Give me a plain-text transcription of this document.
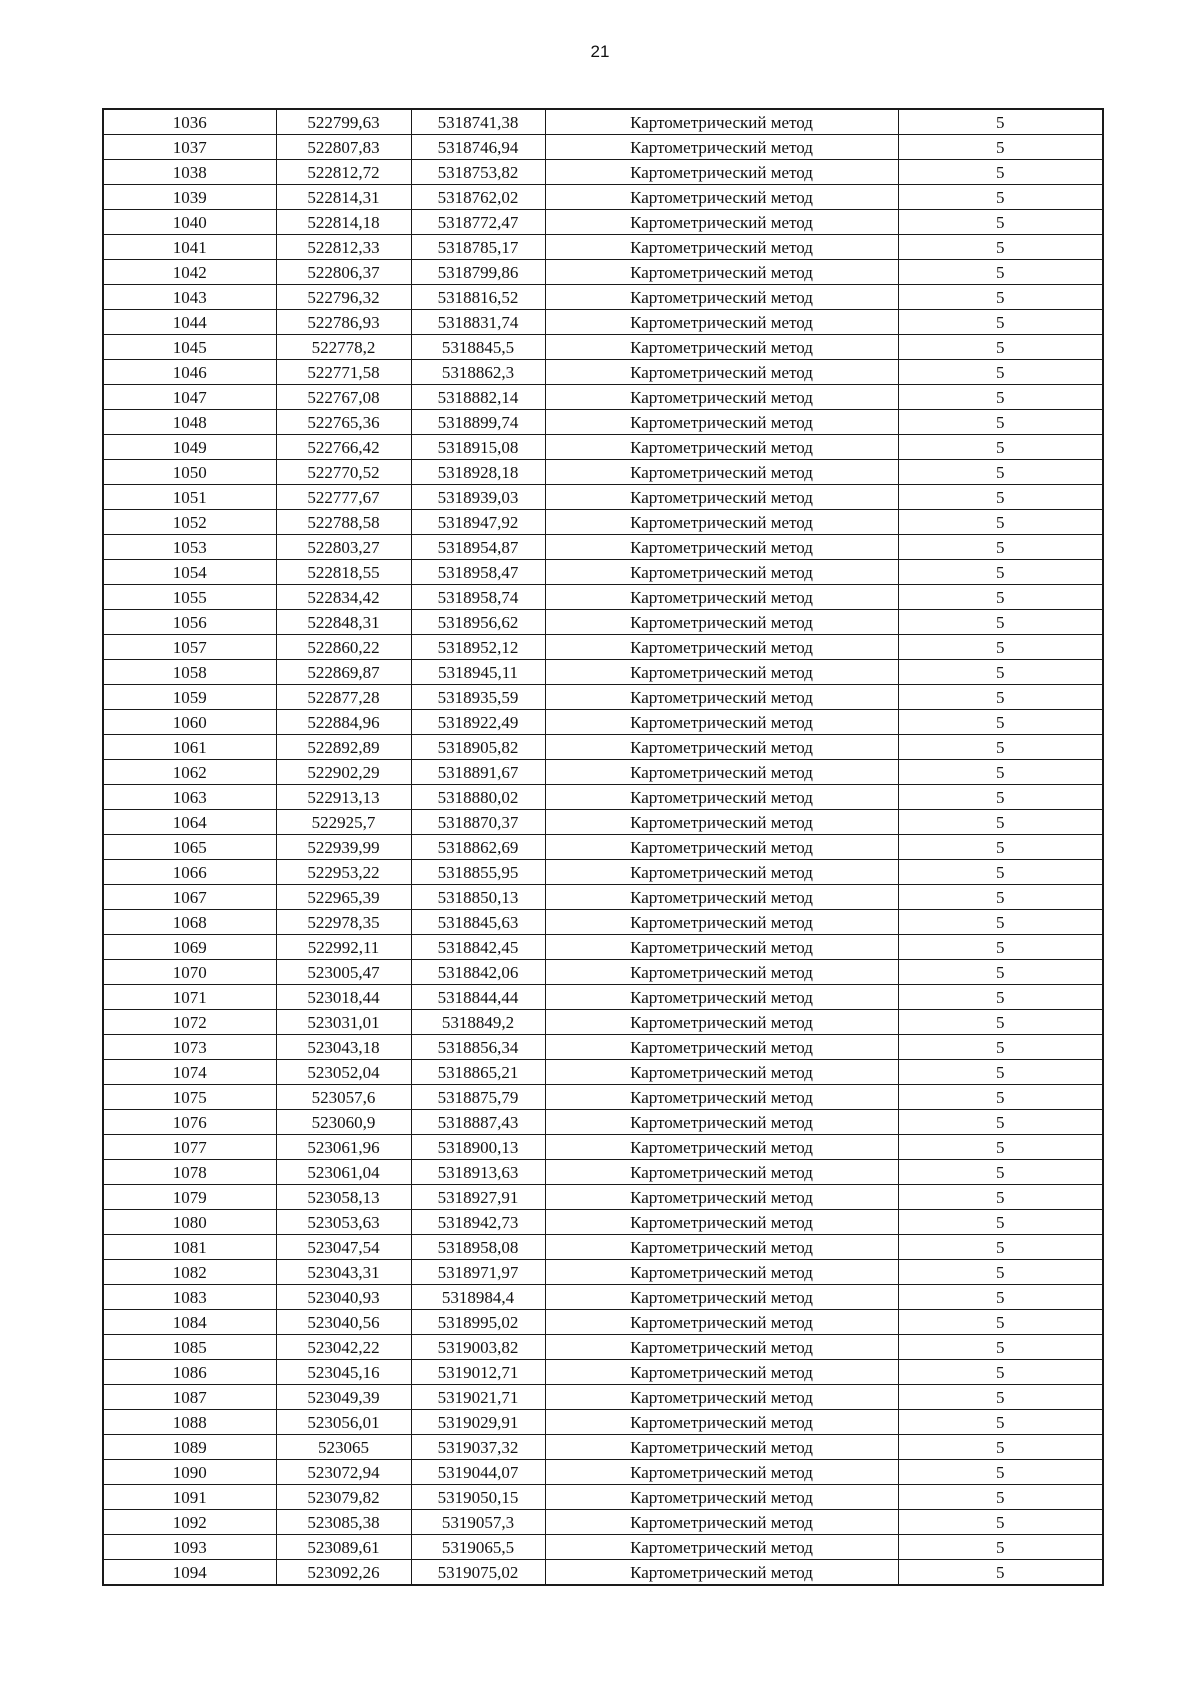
21
1036	522799,63	5318741,38	Картометрический метод	5
1037	522807,83	5318746,94	Картометрический метод	5
1038	522812,72	5318753,82	Картометрический метод	5
1039	522814,31	5318762,02	Картометрический метод	5
1040	522814,18	5318772,47	Картометрический метод	5
1041	522812,33	5318785,17	Картометрический метод	5
1042	522806,37	5318799,86	Картометрический метод	5
1043	522796,32	5318816,52	Картометрический метод	5
1044	522786,93	5318831,74	Картометрический метод	5
1045	522778,2	5318845,5	Картометрический метод	5
1046	522771,58	5318862,3	Картометрический метод	5
1047	522767,08	5318882,14	Картометрический метод	5
1048	522765,36	5318899,74	Картометрический метод	5
1049	522766,42	5318915,08	Картометрический метод	5
1050	522770,52	5318928,18	Картометрический метод	5
1051	522777,67	5318939,03	Картометрический метод	5
1052	522788,58	5318947,92	Картометрический метод	5
1053	522803,27	5318954,87	Картометрический метод	5
1054	522818,55	5318958,47	Картометрический метод	5
1055	522834,42	5318958,74	Картометрический метод	5
1056	522848,31	5318956,62	Картометрический метод	5
1057	522860,22	5318952,12	Картометрический метод	5
1058	522869,87	5318945,11	Картометрический метод	5
1059	522877,28	5318935,59	Картометрический метод	5
1060	522884,96	5318922,49	Картометрический метод	5
1061	522892,89	5318905,82	Картометрический метод	5
1062	522902,29	5318891,67	Картометрический метод	5
1063	522913,13	5318880,02	Картометрический метод	5
1064	522925,7	5318870,37	Картометрический метод	5
1065	522939,99	5318862,69	Картометрический метод	5
1066	522953,22	5318855,95	Картометрический метод	5
1067	522965,39	5318850,13	Картометрический метод	5
1068	522978,35	5318845,63	Картометрический метод	5
1069	522992,11	5318842,45	Картометрический метод	5
1070	523005,47	5318842,06	Картометрический метод	5
1071	523018,44	5318844,44	Картометрический метод	5
1072	523031,01	5318849,2	Картометрический метод	5
1073	523043,18	5318856,34	Картометрический метод	5
1074	523052,04	5318865,21	Картометрический метод	5
1075	523057,6	5318875,79	Картометрический метод	5
1076	523060,9	5318887,43	Картометрический метод	5
1077	523061,96	5318900,13	Картометрический метод	5
1078	523061,04	5318913,63	Картометрический метод	5
1079	523058,13	5318927,91	Картометрический метод	5
1080	523053,63	5318942,73	Картометрический метод	5
1081	523047,54	5318958,08	Картометрический метод	5
1082	523043,31	5318971,97	Картометрический метод	5
1083	523040,93	5318984,4	Картометрический метод	5
1084	523040,56	5318995,02	Картометрический метод	5
1085	523042,22	5319003,82	Картометрический метод	5
1086	523045,16	5319012,71	Картометрический метод	5
1087	523049,39	5319021,71	Картометрический метод	5
1088	523056,01	5319029,91	Картометрический метод	5
1089	523065	5319037,32	Картометрический метод	5
1090	523072,94	5319044,07	Картометрический метод	5
1091	523079,82	5319050,15	Картометрический метод	5
1092	523085,38	5319057,3	Картометрический метод	5
1093	523089,61	5319065,5	Картометрический метод	5
1094	523092,26	5319075,02	Картометрический метод	5
